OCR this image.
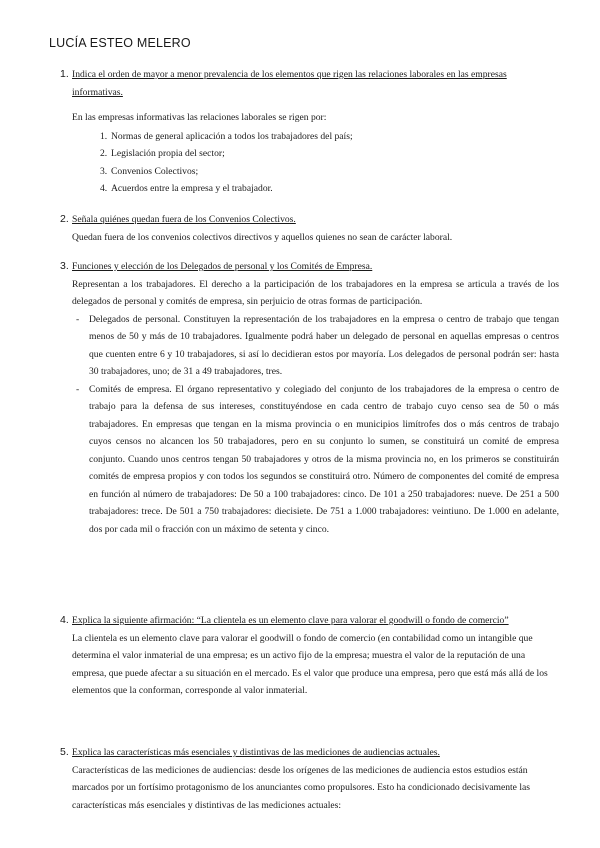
LUCÍA ESTEO MELERO
1. Indica el orden de mayor a menor prevalencia de los elementos que rigen las relaciones laborales en las empresas informativas.
En las empresas informativas las relaciones laborales se rigen por:
1. Normas de general aplicación a todos los trabajadores del país;
2. Legislación propia del sector;
3. Convenios Colectivos;
4. Acuerdos entre la empresa y el trabajador.
2. Señala quiénes quedan fuera de los Convenios Colectivos.
Quedan fuera de los convenios colectivos directivos y aquellos quienes no sean de carácter laboral.
3. Funciones y elección de los Delegados de personal y los Comités de Empresa.
Representan a los trabajadores. El derecho a la participación de los trabajadores en la empresa se articula a través de los delegados de personal y comités de empresa, sin perjuicio de otras formas de participación.
- Delegados de personal. Constituyen la representación de los trabajadores en la empresa o centro de trabajo que tengan menos de 50 y más de 10 trabajadores. Igualmente podrá haber un delegado de personal en aquellas empresas o centros que cuenten entre 6 y 10 trabajadores, si así lo decidieran estos por mayoría. Los delegados de personal podrán ser: hasta 30 trabajadores, uno; de 31 a 49 trabajadores, tres.
- Comités de empresa. El órgano representativo y colegiado del conjunto de los trabajadores de la empresa o centro de trabajo para la defensa de sus intereses, constituyéndose en cada centro de trabajo cuyo censo sea de 50 o más trabajadores. En empresas que tengan en la misma provincia o en municipios limítrofes dos o más centros de trabajo cuyos censos no alcancen los 50 trabajadores, pero en su conjunto lo sumen, se constituirá un comité de empresa conjunto. Cuando unos centros tengan 50 trabajadores y otros de la misma provincia no, en los primeros se constituirán comités de empresa propios y con todos los segundos se constituirá otro. Número de componentes del comité de empresa en función al número de trabajadores: De 50 a 100 trabajadores: cinco. De 101 a 250 trabajadores: nueve. De 251 a 500 trabajadores: trece. De 501 a 750 trabajadores: diecisiete. De 751 a 1.000 trabajadores: veintiuno. De 1.000 en adelante, dos por cada mil o fracción con un máximo de setenta y cinco.
4. Explica la siguiente afirmación: “La clientela es un elemento clave para valorar el goodwill o fondo de comercio”
La clientela es un elemento clave para valorar el goodwill o fondo de comercio (en contabilidad como un intangible que determina el valor inmaterial de una empresa; es un activo fijo de la empresa; muestra el valor de la reputación de una empresa, que puede afectar a su situación en el mercado. Es el valor que produce una empresa, pero que está más allá de los elementos que la conforman, corresponde al valor inmaterial.
5. Explica las características más esenciales y distintivas de las mediciones de audiencias actuales.
Características de las mediciones de audiencias: desde los orígenes de las mediciones de audiencia estos estudios están marcados por un fortísimo protagonismo de los anunciantes como propulsores. Esto ha condicionado decisivamente las características más esenciales y distintivas de las mediciones actuales:
